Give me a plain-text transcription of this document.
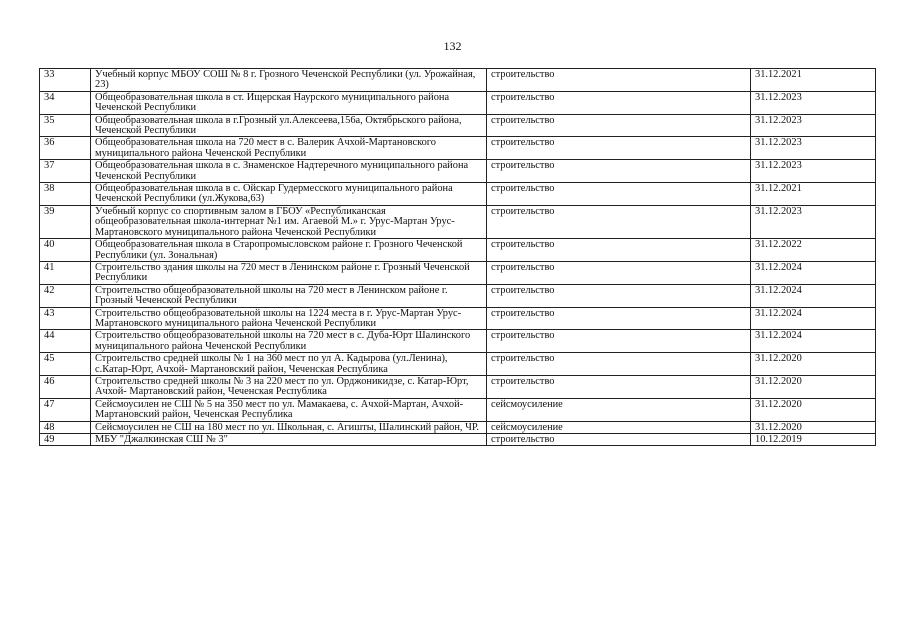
132
33	Учебный корпус МБОУ СОШ № 8 г. Грозного Чеченской Республики (ул. Урожайная, 23)	строительство	31.12.2021
34	Общеобразовательная школа в ст. Ищерская Наурского муниципального района Чеченской Республики	строительство	31.12.2023
35	Общеобразовательная школа в г.Грозный ул.Алексеева,156а, Октябрьского района, Чеченской Республики	строительство	31.12.2023
36	Общеобразовательная школа на 720 мест в с. Валерик Ачхой-Мартановского муниципального района Чеченской Республики	строительство	31.12.2023
37	Общеобразовательная школа в с. Знаменское Надтеречного муниципального района Чеченской Республики	строительство	31.12.2023
38	Общеобразовательная школа в с. Ойскар Гудермесского муниципального района Чеченской Республики (ул.Жукова,63)	строительство	31.12.2021
39	Учебный корпус со спортивным залом в ГБОУ «Республиканская общеобразовательная школа-интернат №1 им. Агаевой М.» г. Урус-Мартан Урус-Мартановского муниципального района Чеченской Республики	строительство	31.12.2023
40	Общеобразовательная школа в Старопромысловском районе г. Грозного Чеченской Республики (ул. Зональная)	строительство	31.12.2022
41	Строительство здания школы на 720 мест в Ленинском районе г. Грозный Чеченской Республики	строительство	31.12.2024
42	Строительство общеобразовательной школы на 720 мест в Ленинском районе г. Грозный Чеченской Республики	строительство	31.12.2024
43	Строительство общеобразовательной школы на 1224 места в г. Урус-Мартан Урус-Мартановского муниципального района Чеченской Республики	строительство	31.12.2024
44	Строительство общеобразовательной школы на 720 мест в с. Дуба-Юрт Шалинского муниципального района Чеченской Республики	строительство	31.12.2024
45	Строительство средней школы № 1 на 360 мест по ул А. Кадырова (ул.Ленина), с.Катар-Юрт, Ачхой- Мартановский район, Чеченская Республика	строительство	31.12.2020
46	Строительство средней школы № 3 на 220 мест по ул. Орджоникидзе, с. Катар-Юрт, Ачхой- Мартановский район, Чеченская Республика	строительство	31.12.2020
47	Сейсмоусилен не СШ № 5 на 350 мест по ул. Мамакаева, с. Ачхой-Мартан, Ачхой- Мартановский район, Чеченская Республика	сейсмоусиление	31.12.2020
48	Сейсмоусилен не СШ на 180 мест по ул. Школьная, с. Агишты, Шалинский район, ЧР.	сейсмоусиление	31.12.2020
49	МБУ "Джалкинская СШ № 3"	строительство	10.12.2019
